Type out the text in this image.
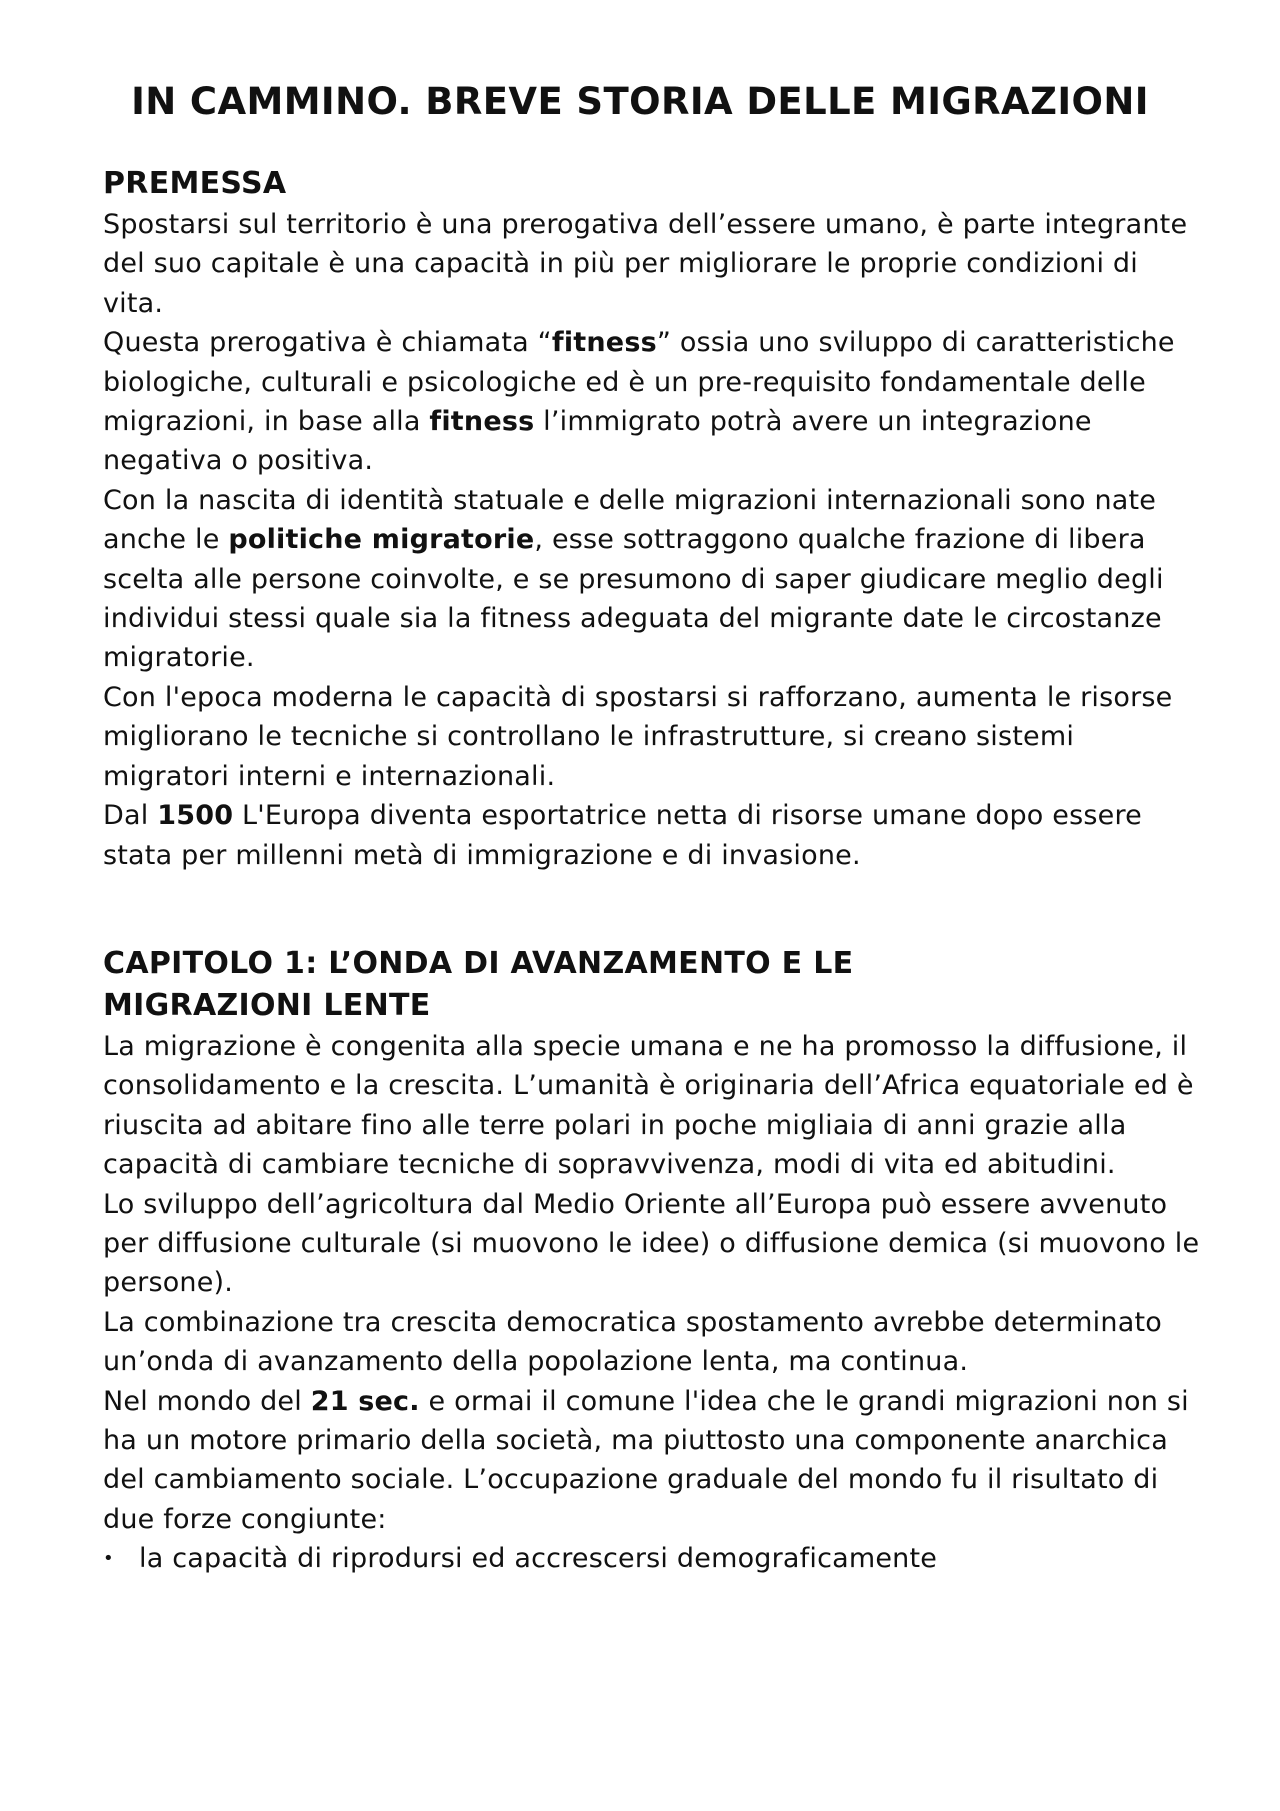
IN CAMMINO. BREVE STORIA DELLE MIGRAZIONI
PREMESSA

Spostarsi sul territorio è una prerogativa dell’essere umano, è parte integrante del suo capitale è una capacità in più per migliorare le proprie condizioni di vita.

Questa prerogativa è chiamata “fitness” ossia uno sviluppo di caratteristiche biologiche, culturali e psicologiche ed è un pre-requisito fondamentale delle migrazioni, in base alla fitness l’immigrato potrà avere un integrazione negativa o positiva.

Con la nascita di identità statuale e delle migrazioni internazionali sono nate anche le politiche migratorie, esse sottraggono qualche frazione di libera scelta alle persone coinvolte, e se presumono di saper giudicare meglio degli individui stessi quale sia la fitness adeguata del migrante date le circostanze migratorie.

Con l'epoca moderna le capacità di spostarsi si rafforzano, aumenta le risorse migliorano le tecniche si controllano le infrastrutture, si creano sistemi migratori interni e internazionali.

Dal 1500 L'Europa diventa esportatrice netta di risorse umane dopo essere stata per millenni metà di immigrazione e di invasione.

CAPITOLO 1: L’ONDA DI AVANZAMENTO E LE
MIGRAZIONI LENTE

La migrazione è congenita alla specie umana e ne ha promosso la diffusione, il consolidamento e la crescita. L’umanità è originaria dell’Africa equatoriale ed è riuscita ad abitare fino alle terre polari in poche migliaia di anni grazie alla capacità di cambiare tecniche di sopravvivenza, modi di vita ed abitudini.

Lo sviluppo dell’agricoltura dal Medio Oriente all’Europa può essere avvenuto per diffusione culturale (si muovono le idee) o diffusione demica (si muovono le persone).

La combinazione tra crescita democratica spostamento avrebbe determinato un’onda di avanzamento della popolazione lenta, ma continua.

Nel mondo del 21 sec. e ormai il comune l'idea che le grandi migrazioni non si ha un motore primario della società, ma piuttosto una componente anarchica del cambiamento sociale. L’occupazione graduale del mondo fu il risultato di due forze congiunte:

• la capacità di riprodursi ed accrescersi demograficamente
